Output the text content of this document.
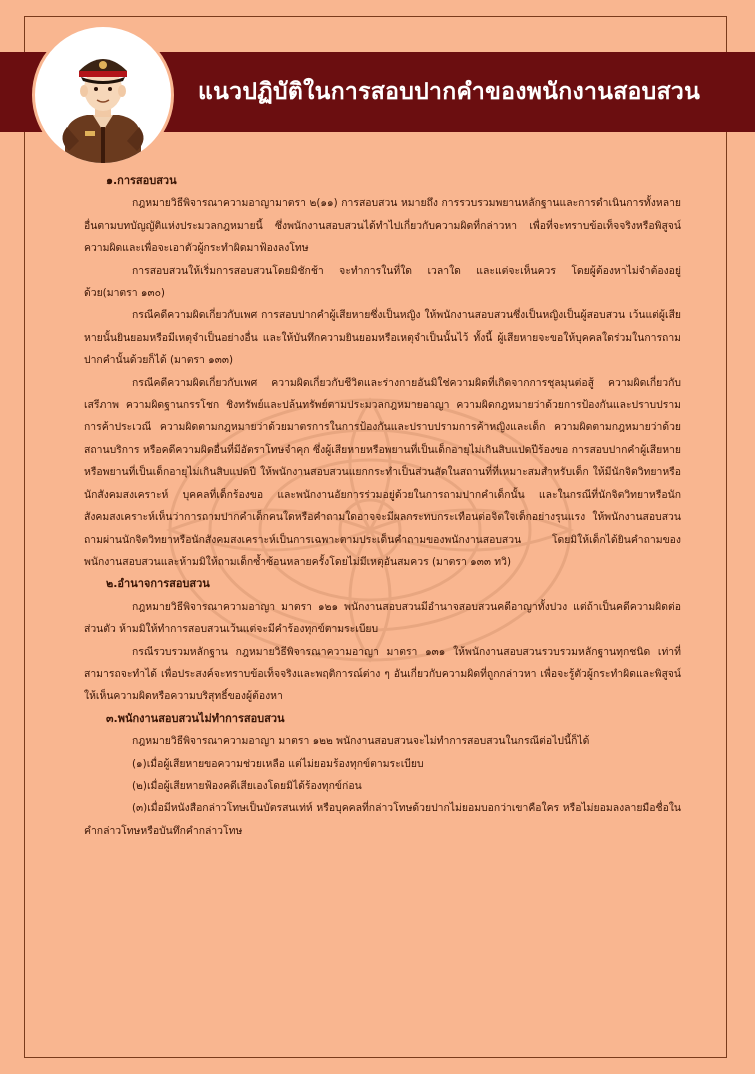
แนวปฏิบัติในการสอบปากคำของพนักงานสอบสวน

๑.การสอบสวน

กฎหมายวิธีพิจารณาความอาญามาตรา ๒(๑๑) การสอบสวน หมายถึง การรวบรวมพยานหลักฐานและการดำเนินการทั้งหลายอื่นตามบทบัญญัติแห่งประมวลกฎหมายนี้ ซึ่งพนักงานสอบสวนได้ทำไปเกี่ยวกับความผิดที่กล่าวหา เพื่อที่จะทราบข้อเท็จจริงหรือพิสูจน์ความผิดและเพื่อจะเอาตัวผู้กระทำผิดมาฟ้องลงโทษ

การสอบสวนให้เริ่มการสอบสวนโดยมิชักช้า จะทำการในที่ใด เวลาใด และแต่จะเห็นควร โดยผู้ต้องหาไม่จำต้องอยู่ด้วย(มาตรา ๑๓๐)

กรณีคดีความผิดเกี่ยวกับเพศ การสอบปากคำผู้เสียหายซึ่งเป็นหญิง ให้พนักงานสอบสวนซึ่งเป็นหญิงเป็นผู้สอบสวน เว้นแต่ผู้เสียหายนั้นยินยอมหรือมีเหตุจำเป็นอย่างอื่น และให้บันทึกความยินยอมหรือเหตุจำเป็นนั้นไว้ ทั้งนี้ ผู้เสียหายจะขอให้บุคคลใดร่วมในการถามปากคำนั้นด้วยก็ได้ (มาตรา ๑๓๓)

กรณีคดีความผิดเกี่ยวกับเพศ ความผิดเกี่ยวกับชีวิตและร่างกายอันมิใช่ความผิดที่เกิดจากการชุลมุนต่อสู้ ความผิดเกี่ยวกับเสรีภาพ ความผิดฐานกรรโชก ชิงทรัพย์และปล้นทรัพย์ตามประมวลกฎหมายอาญา ความผิดกฎหมายว่าด้วยการป้องกันและปราบปรามการค้าประเวณี ความผิดตามกฎหมายว่าด้วยมาตรการในการป้องกันและปราบปรามการค้าหญิงและเด็ก ความผิดตามกฎหมายว่าด้วยสถานบริการ หรือคดีความผิดอื่นที่มีอัตราโทษจำคุก ซึ่งผู้เสียหายหรือพยานที่เป็นเด็กอายุไม่เกินสิบแปดปีร้องขอ การสอบปากคำผู้เสียหายหรือพยานที่เป็นเด็กอายุไม่เกินสิบแปดปี ให้พนักงานสอบสวนแยกกระทำเป็นส่วนสัดในสถานที่ที่เหมาะสมสำหรับเด็ก ให้มีนักจิตวิทยาหรือนักสังคมสงเคราะห์ บุคคลที่เด็กร้องขอ และพนักงานอัยการร่วมอยู่ด้วยในการถามปากคำเด็กนั้น และในกรณีที่นักจิตวิทยาหรือนักสังคมสงเคราะห์เห็นว่าการถามปากคำเด็กคนใดหรือคำถามใดอาจจะมีผลกระทบกระเทือนต่อจิตใจเด็กอย่างรุนแรง ให้พนักงานสอบสวนถามผ่านนักจิตวิทยาหรือนักสังคมสงเคราะห์เป็นการเฉพาะตามประเด็นคำถามของพนักงานสอบสวน โดยมิให้เด็กได้ยินคำถามของพนักงานสอบสวนและห้ามมิให้ถามเด็กซ้ำซ้อนหลายครั้งโดยไม่มีเหตุอันสมควร (มาตรา ๑๓๓ ทวิ)

๒.อำนาจการสอบสวน

กฎหมายวิธีพิจารณาความอาญา มาตรา ๑๒๑ พนักงานสอบสวนมีอำนาจสอบสวนคดีอาญาทั้งปวง แต่ถ้าเป็นคดีความผิดต่อส่วนตัว ห้ามมิให้ทำการสอบสวนเว้นแต่จะมีคำร้องทุกข์ตามระเบียบ

กรณีรวบรวมหลักฐาน กฎหมายวิธีพิจารณาความอาญา มาตรา ๑๓๑ ให้พนักงานสอบสวนรวบรวมหลักฐานทุกชนิด เท่าที่สามารถจะทำได้ เพื่อประสงค์จะทราบข้อเท็จจริงและพฤติการณ์ต่าง ๆ อันเกี่ยวกับความผิดที่ถูกกล่าวหา เพื่อจะรู้ตัวผู้กระทำผิดและพิสูจน์ให้เห็นความผิดหรือความบริสุทธิ์ของผู้ต้องหา

๓.พนักงานสอบสวนไม่ทำการสอบสวน

กฎหมายวิธีพิจารณาความอาญา มาตรา ๑๒๒ พนักงานสอบสวนจะไม่ทำการสอบสวนในกรณีต่อไปนี้ก็ได้

(๑)เมื่อผู้เสียหายขอความช่วยเหลือ แต่ไม่ยอมร้องทุกข์ตามระเบียบ

(๒)เมื่อผู้เสียหายฟ้องคดีเสียเองโดยมิได้ร้องทุกข์ก่อน

(๓)เมื่อมีหนังสือกล่าวโทษเป็นบัตรสนเท่ห์ หรือบุคคลที่กล่าวโทษด้วยปากไม่ยอมบอกว่าเขาคือใคร หรือไม่ยอมลงลายมือชื่อในคำกล่าวโทษหรือบันทึกคำกล่าวโทษ
